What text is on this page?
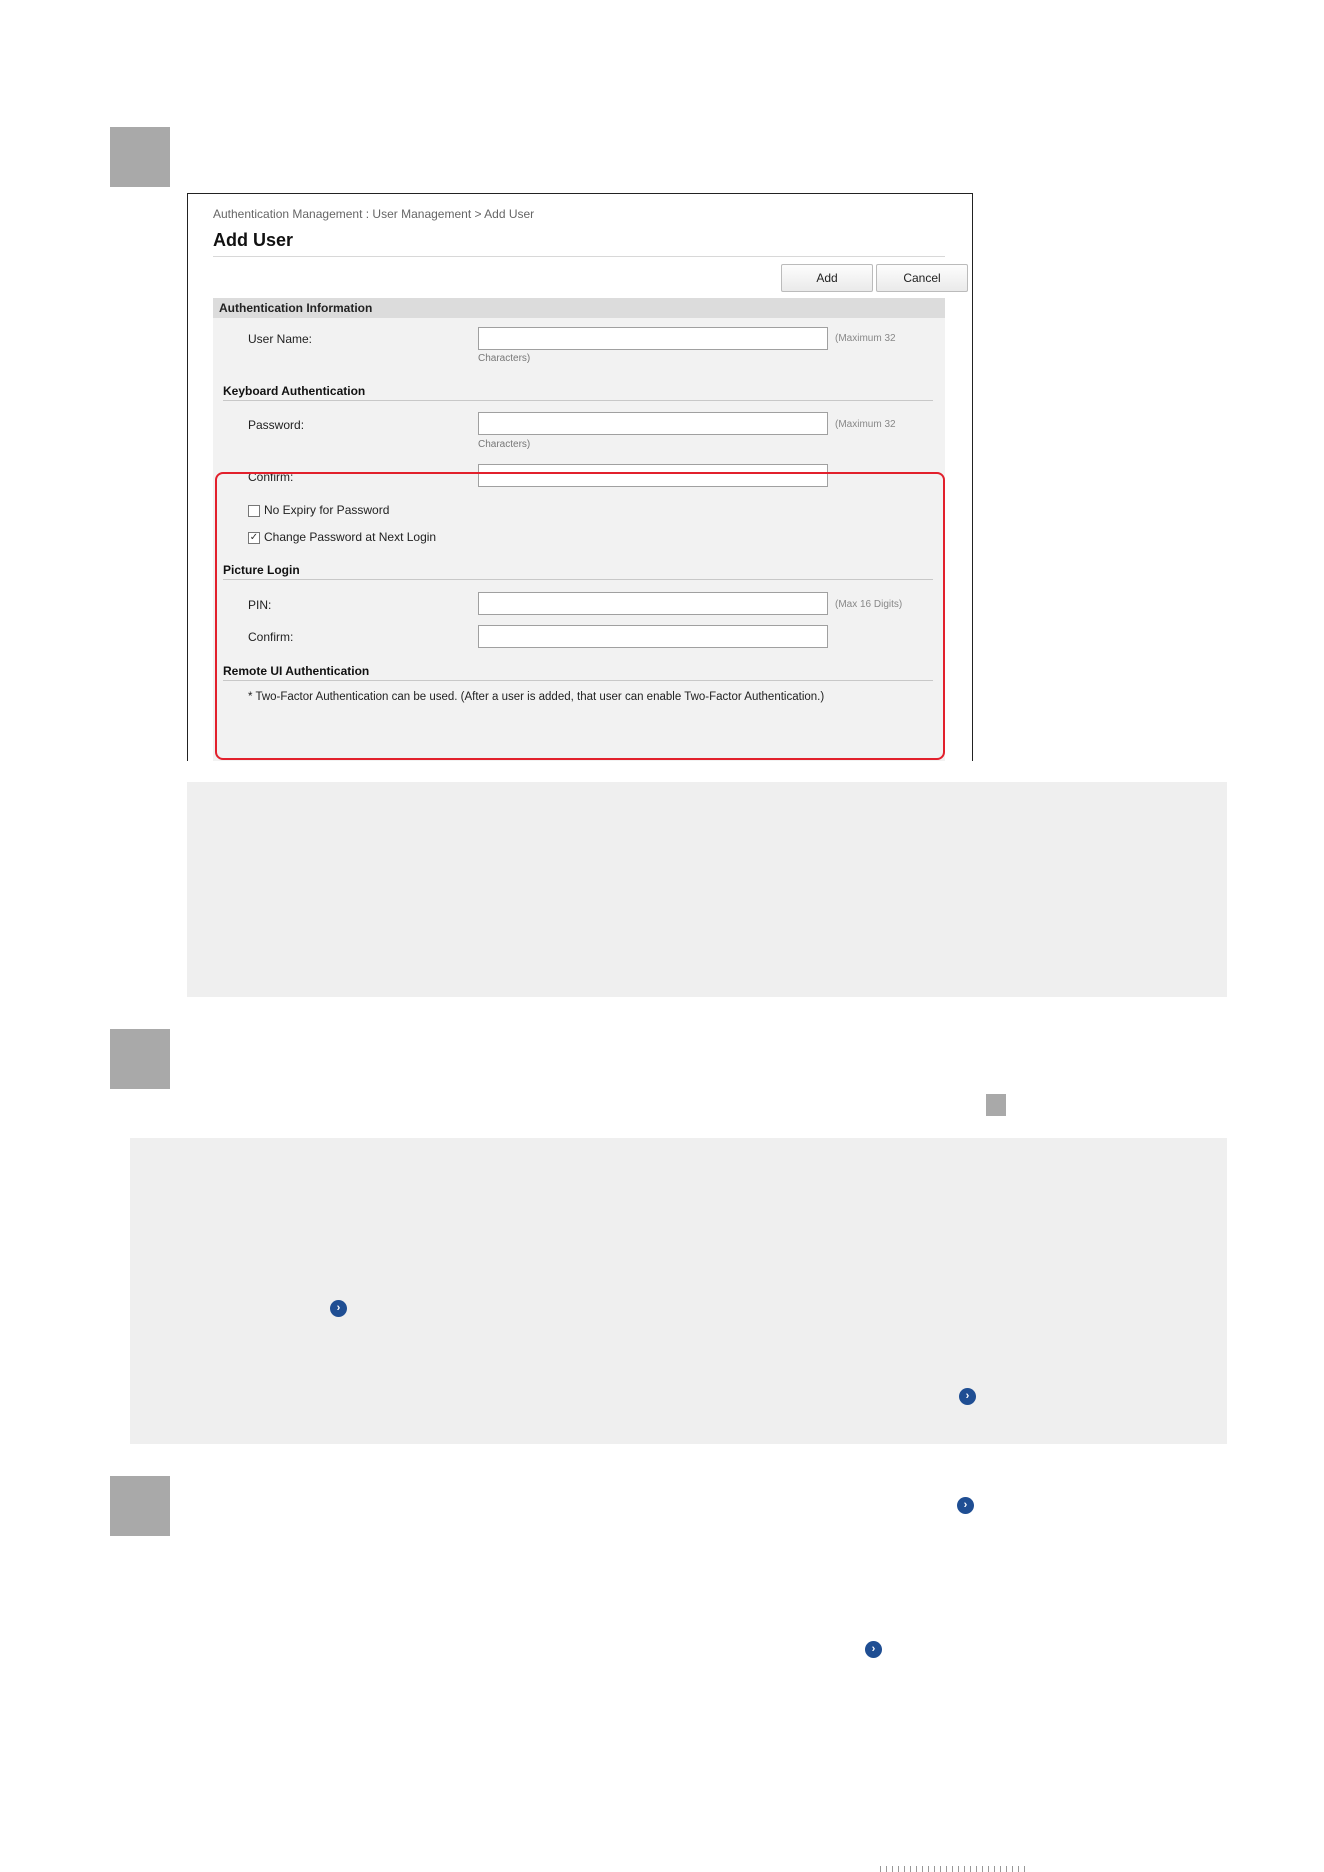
Authentication Management : User Management > Add User
Add User
Add	Cancel
Authentication Information
User Name:	(Maximum 32
Characters)
Keyboard Authentication
Password:	(Maximum 32
Characters)
Confirm:
No Expiry for Password
✓ Change Password at Next Login
Picture Login
PIN:	(Max 16 Digits)
Confirm:
Remote UI Authentication
* Two-Factor Authentication can be used. (After a user is added, that user can enable Two-Factor Authentication.)
›
›
›
›
